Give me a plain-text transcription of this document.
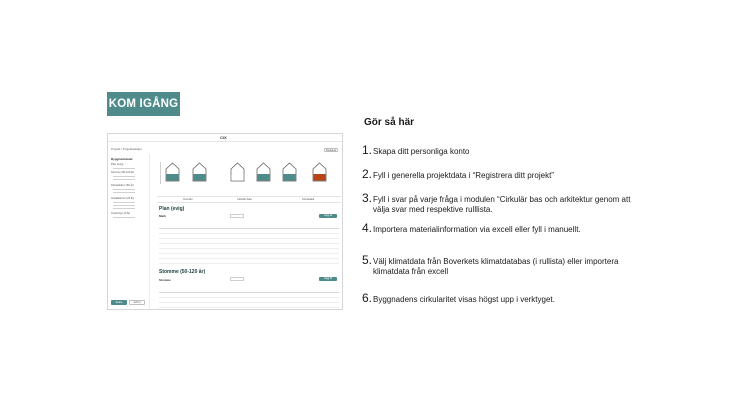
KOM IGÅNG
CiX
Projekt / Projektdetaljer	Redigera
Byggnadsdelar
Plan (evig)
Stomme (50-120 år)
Klimatskärm (50 år)
Installationer (25 år)
Inredning (10 år)
Spara	Avbryt
Översikt	Cirkulär data	Klimatdata
Plan (evig)
Mark	Lägg till

Stomme (50-120 år)
Stomme	Lägg till

Gör så här
1. Skapa ditt personliga konto
2. Fyll i generella projektdata i “Registrera ditt projekt”
3. Fyll i svar på varje fråga i modulen “Cirkulär bas och arkitektur genom att välja svar med respektive rulllista.
4. Importera materialinformation via excell eller fyll i manuellt.
5. Välj klimatdata från Boverkets klimatdatabas (i rullista) eller importera klimatdata från excell
6. Byggnadens cirkularitet visas högst upp i verktyget.
